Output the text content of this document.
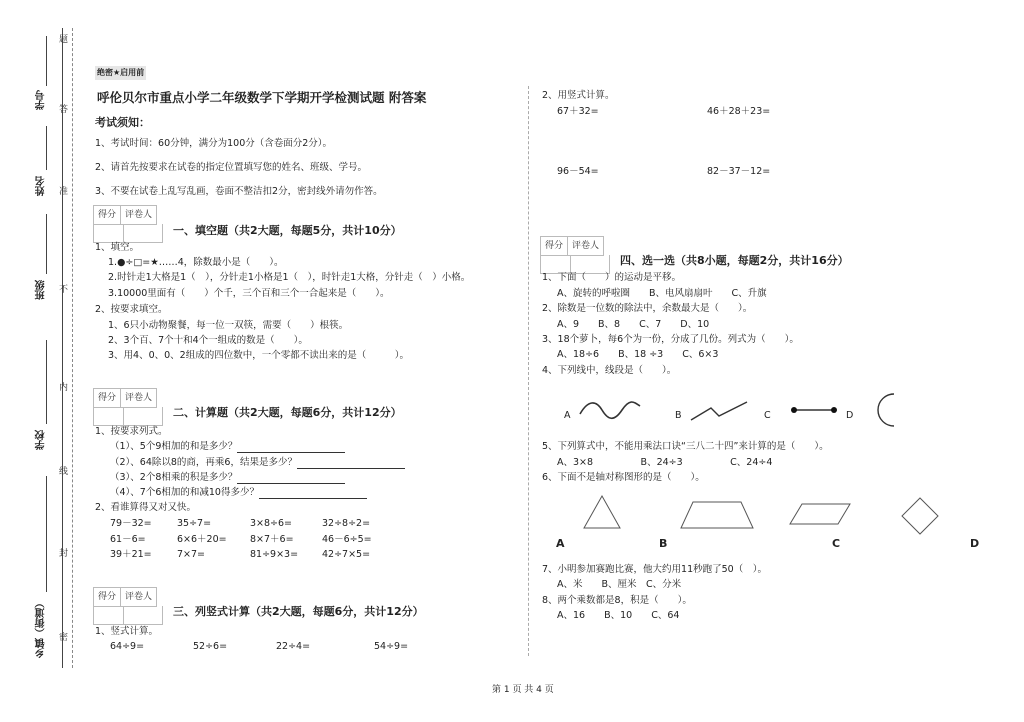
题
答
准
不
内
线
封
密
学号
姓名
班级
学校
乡镇（街道）
绝密★启用前
呼伦贝尔市重点小学二年级数学下学期开学检测试题 附答案
考试须知：
1、考试时间：60分钟，满分为100分（含卷面分2分）。
2、请首先按要求在试卷的指定位置填写您的姓名、班级、学号。
3、不要在试卷上乱写乱画，卷面不整洁扣2分，密封线外请勿作答。
得分	评卷人
一、填空题（共2大题，每题5分，共计10分）
1、填空。
1.●÷□=★……4，除数最小是（　　）。
2.时针走1大格是1（　），分针走1小格是1（　），时针走1大格，分针走（　）小格。
3.10000里面有（　　）个千，三个百和三个一合起来是（　　）。
2、按要求填空。
1、6只小动物聚餐，每一位一双筷，需要（　　）根筷。
2、3个百、7个十和4个一组成的数是（　　）。
3、用4、0、0、2组成的四位数中，一个零都不读出来的是（　　　）。
得分	评卷人
二、计算题（共2大题，每题6分，共计12分）
1、按要求列式。
（1）、5个9相加的和是多少？
（2）、64除以8的商，再乘6，结果是多少？
（3）、2个8相乘的积是多少？
（4）、7个6相加的和减10得多少？
2、看谁算得又对又快。
79－32=	35÷7=	3×8÷6=	32÷8÷2=
61－6=	6×6＋20= 8×7＋6=	46－6÷5=
39＋21=	7×7=	81÷9×3=	42÷7×5=
得分	评卷人
三、列竖式计算（共2大题，每题6分，共计12分）
1、竖式计算。
64÷9=	52÷6=	22÷4=	54÷9=
2、用竖式计算。
67＋32=	46＋28＋23=
96－54=	82－37－12=
得分	评卷人
四、选一选（共8小题，每题2分，共计16分）
1、下面（　　）的运动是平移。
A、旋转的呼啦圈　　B、电风扇扇叶　　C、升旗
2、除数是一位数的除法中，余数最大是（　　）。
A、9　　B、8　　C、7　　D、10
3、18个萝卜，每6个为一份，分成了几份。列式为（　　）。
A、18÷6　　B、18 ÷3　　C、6×3
4、下列线中，线段是（　　）。
A	B	C	D
5、下列算式中，不能用乘法口诀“三八二十四”来计算的是（　　）。
A、3×8　　　　　B、24÷3　　　　　C、24÷4
6、下面不是轴对称图形的是（　　）。
A	B	C	D
7、小明参加赛跑比赛，他大约用11秒跑了50（　）。
A、米　　B、厘米　C、分米
8、两个乘数都是8，积是（　　）。
A、16　　B、10　　C、64
第 1 页 共 4 页
